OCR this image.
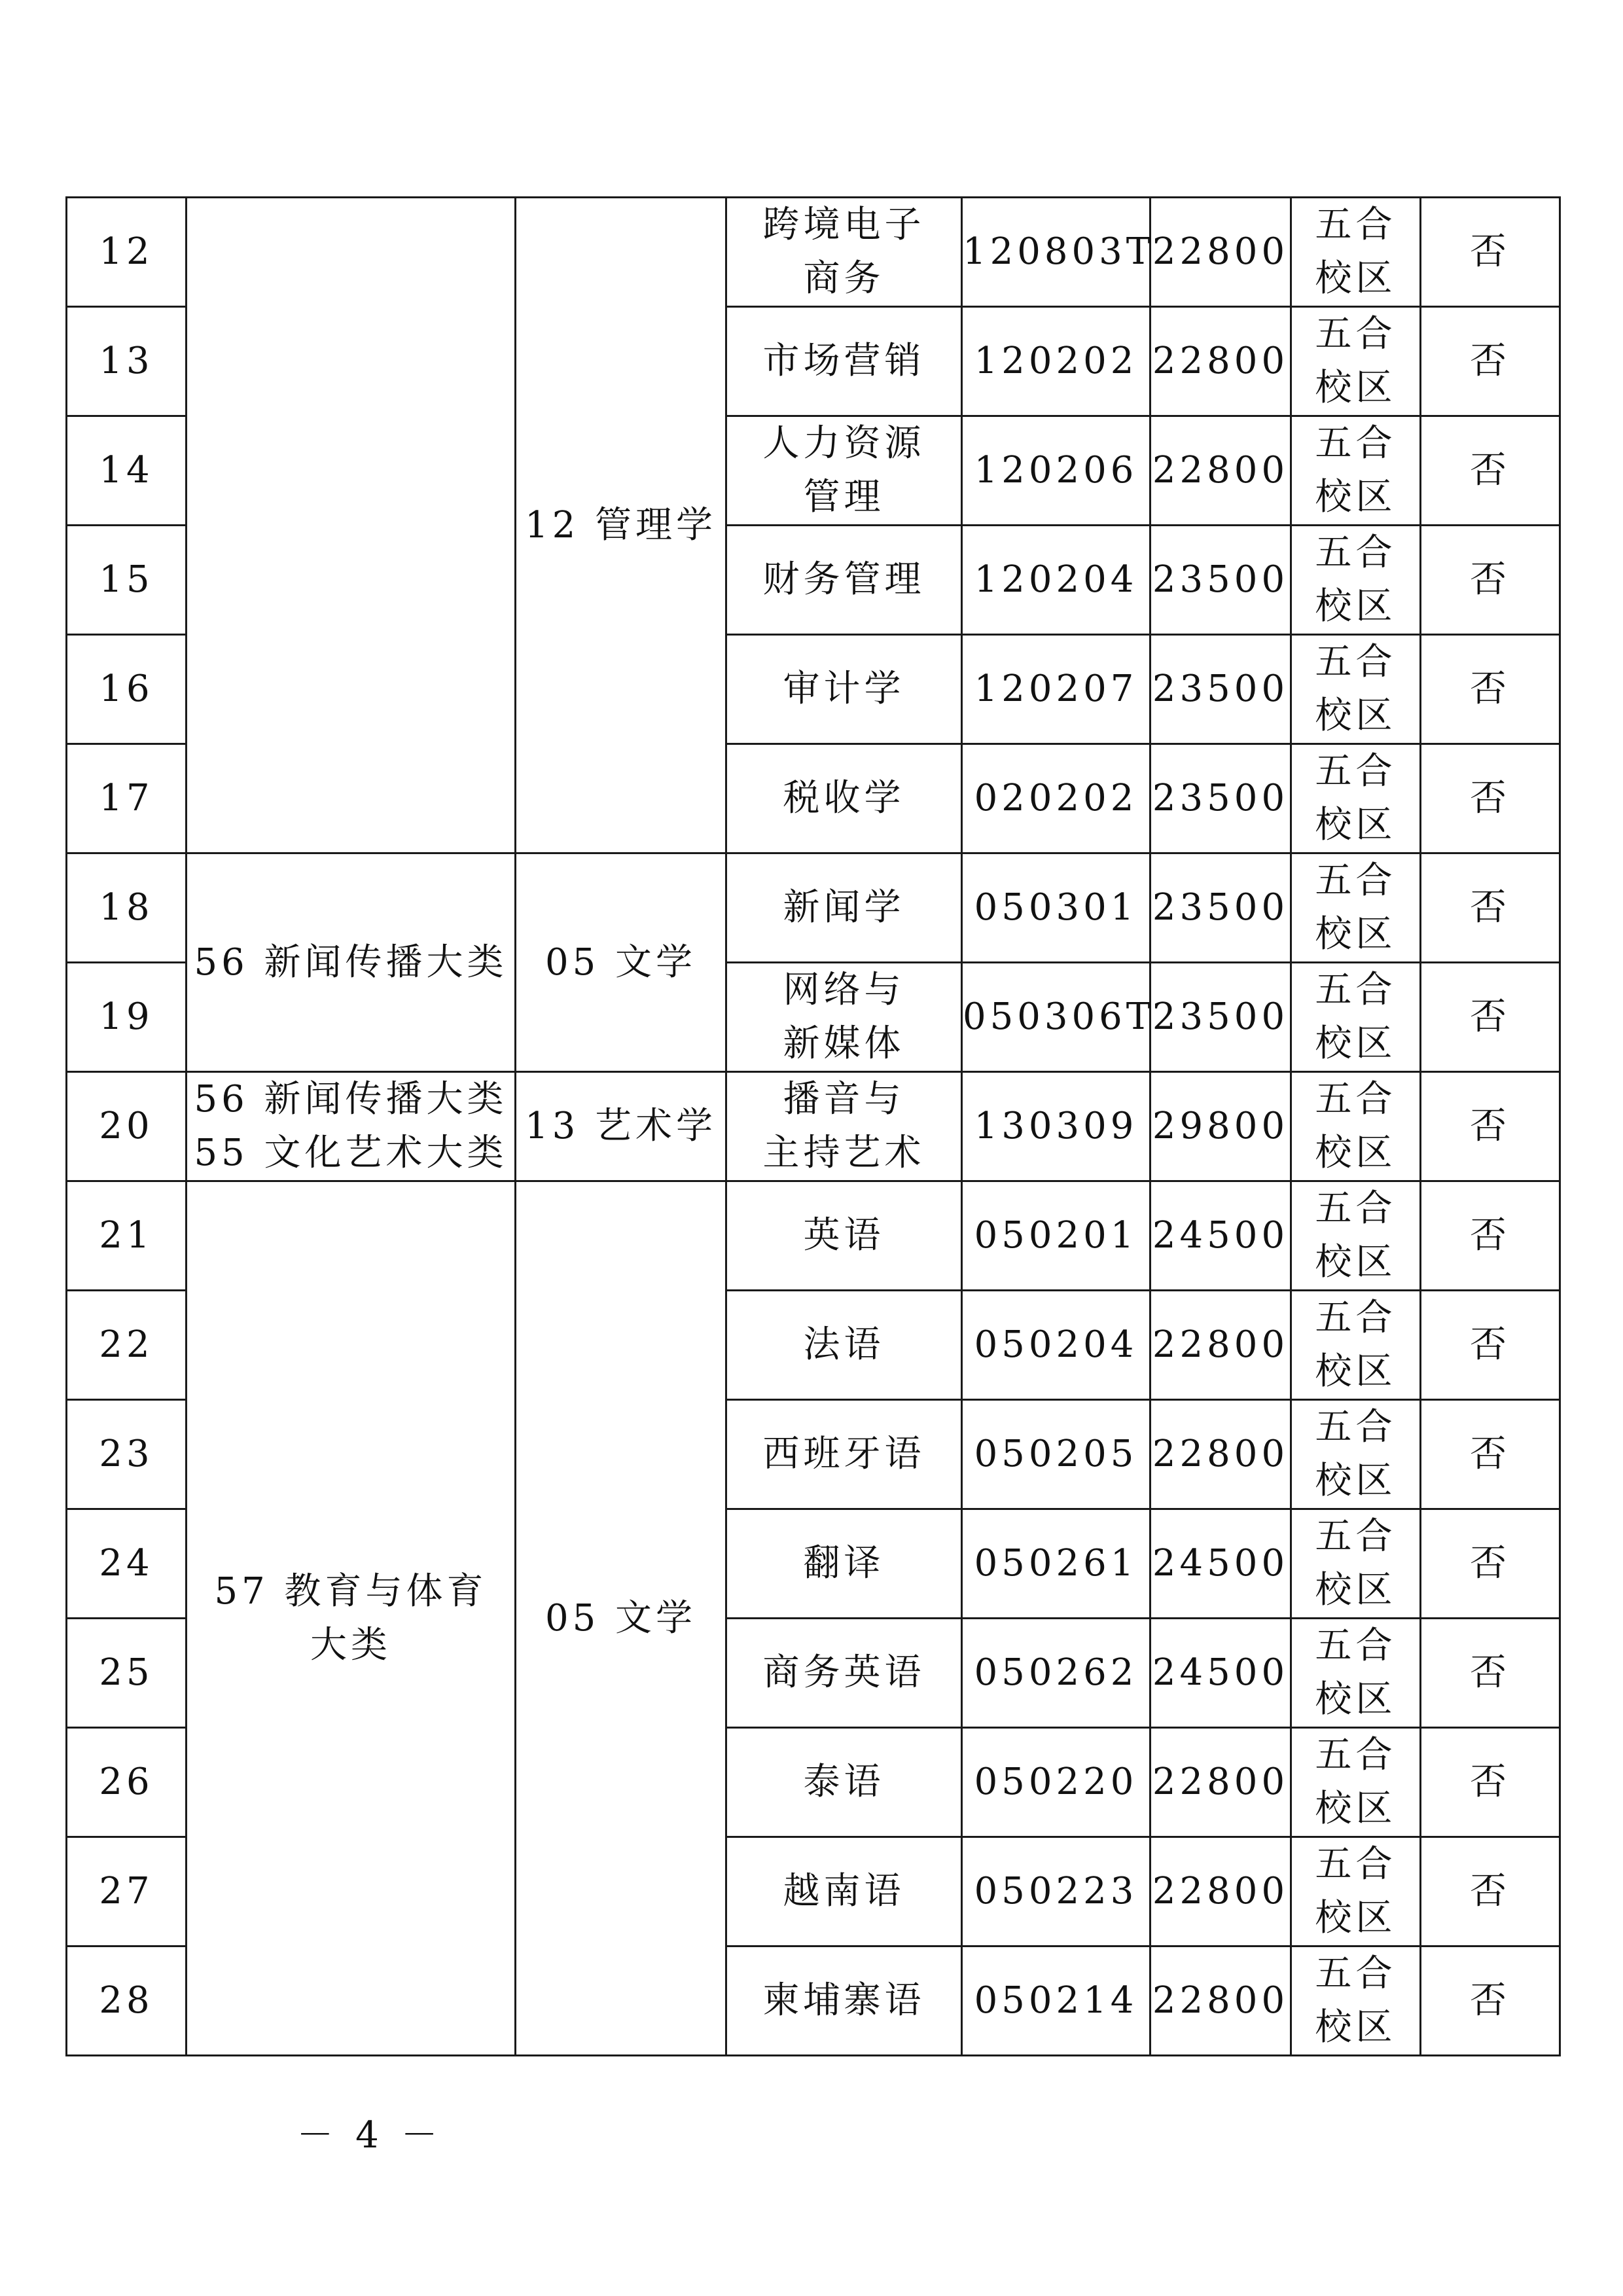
12		12 管理学	跨境电子
商务	120803T	22800	五合
校区	否
13			市场营销	120202	22800	五合
校区	否
14			人力资源
管理	120206	22800	五合
校区	否
15			财务管理	120204	23500	五合
校区	否
16			审计学	120207	23500	五合
校区	否
17			税收学	020202	23500	五合
校区	否
18	56 新闻传播大类	05 文学	新闻学	050301	23500	五合
校区	否
19			网络与
新媒体	050306T	23500	五合
校区	否
20	56 新闻传播大类
55 文化艺术大类	13 艺术学	播音与
主持艺术	130309	29800	五合
校区	否
21	57 教育与体育
大类	05 文学	英语	050201	24500	五合
校区	否
22			法语	050204	22800	五合
校区	否
23			西班牙语	050205	22800	五合
校区	否
24			翻译	050261	24500	五合
校区	否
25			商务英语	050262	24500	五合
校区	否
26			泰语	050220	22800	五合
校区	否
27			越南语	050223	22800	五合
校区	否
28			柬埔寨语	050214	22800	五合
校区	否
－ 4 －
